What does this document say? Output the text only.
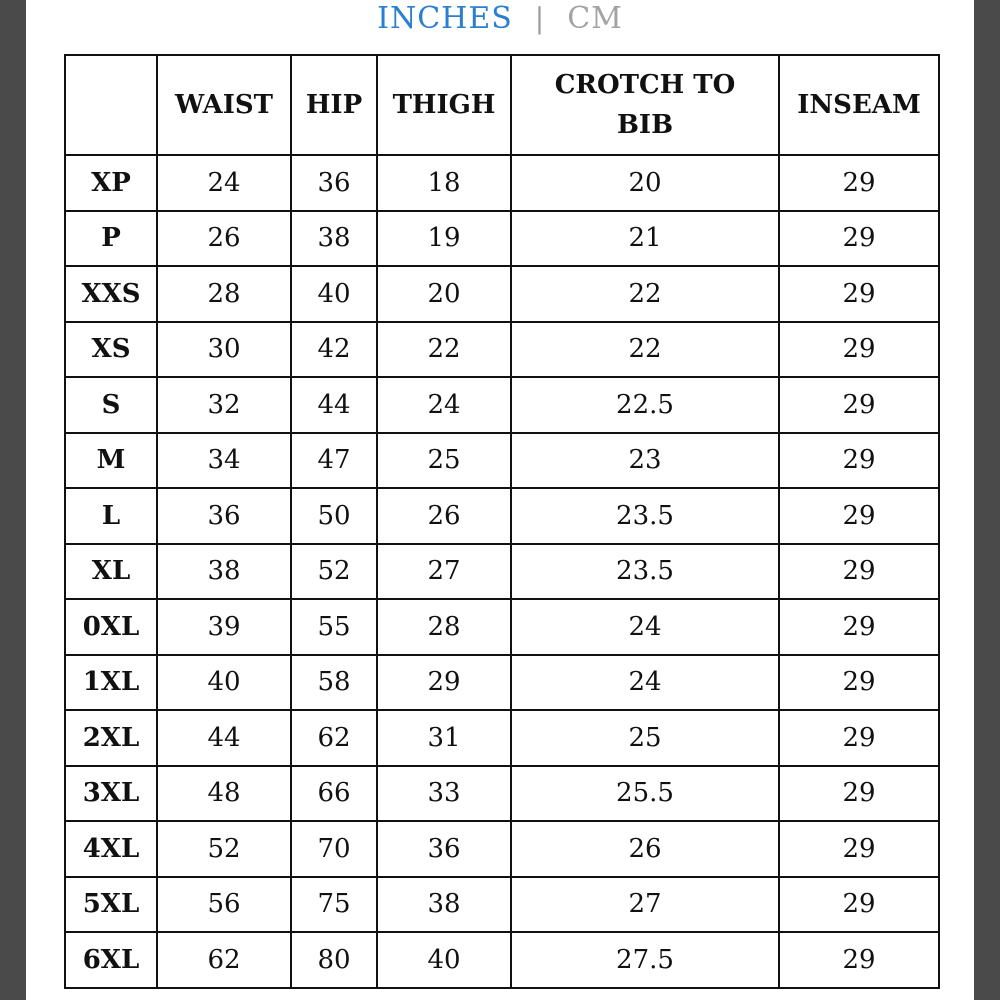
INCHES | CM
	WAIST	HIP	THIGH	CROTCH TO BIB	INSEAM
XP	24	36	18	20	29
P	26	38	19	21	29
XXS	28	40	20	22	29
XS	30	42	22	22	29
S	32	44	24	22.5	29
M	34	47	25	23	29
L	36	50	26	23.5	29
XL	38	52	27	23.5	29
0XL	39	55	28	24	29
1XL	40	58	29	24	29
2XL	44	62	31	25	29
3XL	48	66	33	25.5	29
4XL	52	70	36	26	29
5XL	56	75	38	27	29
6XL	62	80	40	27.5	29
